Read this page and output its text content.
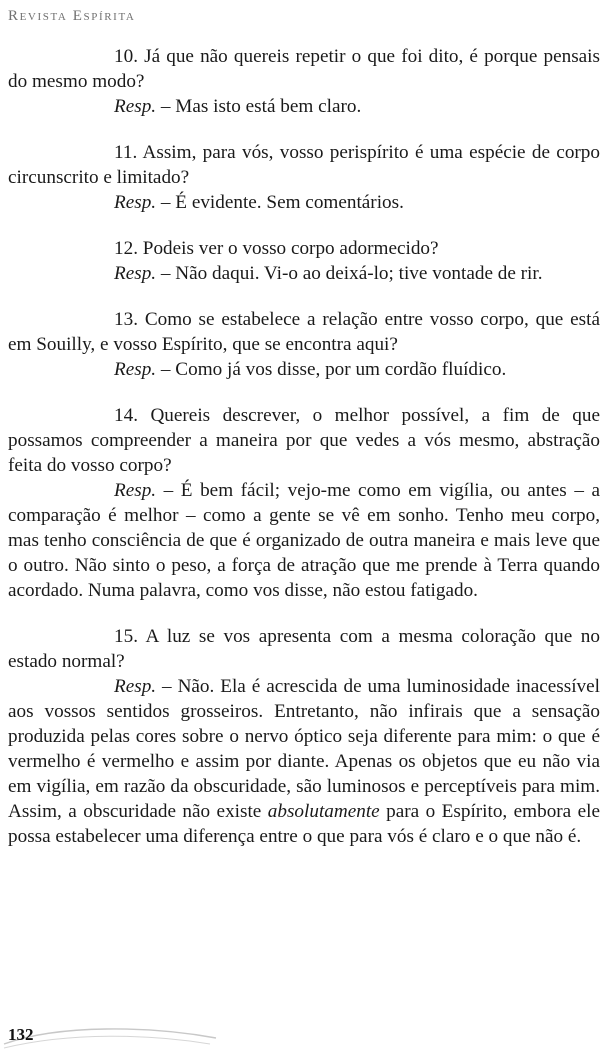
Revista Espírita

10. Já que não quereis repetir o que foi dito, é porque pensais do mesmo modo?

Resp. – Mas isto está bem claro.

11. Assim, para vós, vosso perispírito é uma espécie de corpo circunscrito e limitado?

Resp. – É evidente. Sem comentários.

12. Podeis ver o vosso corpo adormecido?

Resp. – Não daqui. Vi-o ao deixá-lo; tive vontade de rir.

13. Como se estabelece a relação entre vosso corpo, que está em Souilly, e vosso Espírito, que se encontra aqui?

Resp. – Como já vos disse, por um cordão fluídico.

14. Quereis descrever, o melhor possível, a fim de que possamos compreender a maneira por que vedes a vós mesmo, abstração feita do vosso corpo?

Resp. – É bem fácil; vejo-me como em vigília, ou antes – a comparação é melhor – como a gente se vê em sonho. Tenho meu corpo, mas tenho consciência de que é organizado de outra maneira e mais leve que o outro. Não sinto o peso, a força de atração que me prende à Terra quando acordado. Numa palavra, como vos disse, não estou fatigado.

15. A luz se vos apresenta com a mesma coloração que no estado normal?

Resp. – Não. Ela é acrescida de uma luminosidade inacessível aos vossos sentidos grosseiros. Entretanto, não infirais que a sensação produzida pelas cores sobre o nervo óptico seja diferente para mim: o que é vermelho é vermelho e assim por diante. Apenas os objetos que eu não via em vigília, em razão da obscuridade, são luminosos e perceptíveis para mim. Assim, a obscuridade não existe absolutamente para o Espírito, embora ele possa estabelecer uma diferença entre o que para vós é claro e o que não é.

132
